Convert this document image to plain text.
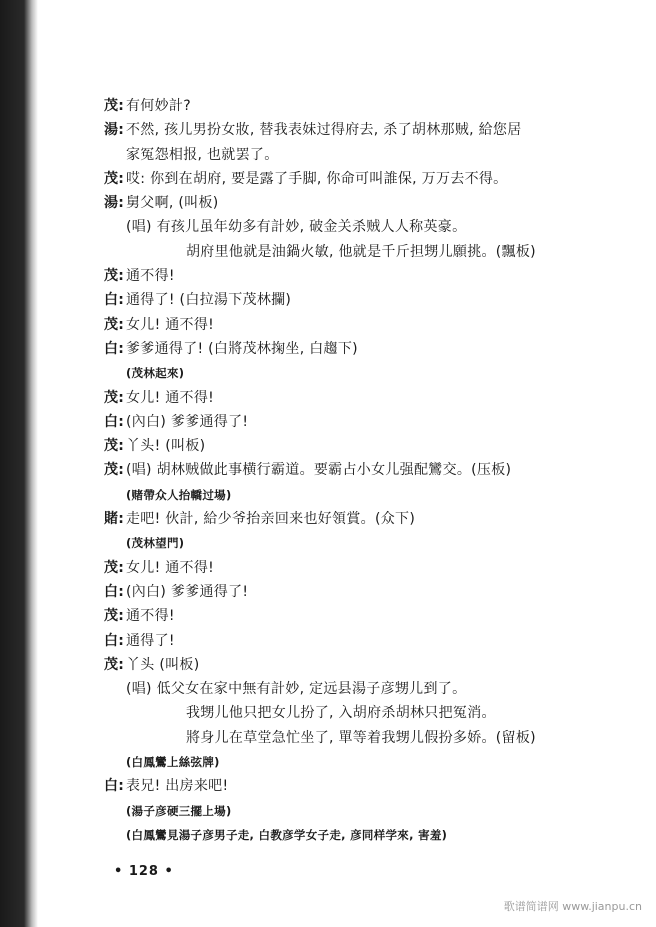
茂: 有何妙計?
湯: 不然, 孩儿男扮女妝, 替我表妹过得府去, 杀了胡林那贼, 給您居
家冤怨相报, 也就罢了。
茂: 哎: 你到在胡府, 要是露了手脚, 你命可叫誰保, 万万去不得。
湯: 舅父啊, (叫板)
(唱) 有孩儿虽年幼多有計妙, 破金关杀贼人人称英豪。
胡府里他就是油鍋火敏, 他就是千斤担甥儿願挑。(飄板)
茂: 通不得!
白: 通得了! (白拉湯下茂林攔)
茂: 女儿! 通不得!
白: 爹爹通得了! (白將茂林掬坐, 白趨下)
(茂林起來)
茂: 女儿! 通不得!
白: (內白) 爹爹通得了!
茂: 丫头! (叫板)
茂: (唱) 胡林贼做此事横行霸道。要霸占小女儿强配鸞交。(压板)
(赌帶众人抬轎过場)
賭: 走吧! 伙計, 給少爷抬亲回来也好領賞。(众下)
(茂林望門)
茂: 女儿! 通不得!
白: (內白) 爹爹通得了!
茂: 通不得!
白: 通得了!
茂: 丫头 (叫板)
(唱) 低父女在家中無有計妙, 定远县湯子彦甥儿到了。
我甥儿他只把女儿扮了, 入胡府杀胡林只把冤消。
將身儿在草堂急忙坐了, 單等着我甥儿假扮多娇。(留板)
(白鳳鸞上絲弦牌)
白: 表兄! 出房来吧!
(湯子彦硬三擺上場)
(白鳳鸞見湯子彦男子走, 白教彦学女子走, 彦同样学來, 害羞)
• 128 •
歌谱简谱网 www.jianpu.cn
